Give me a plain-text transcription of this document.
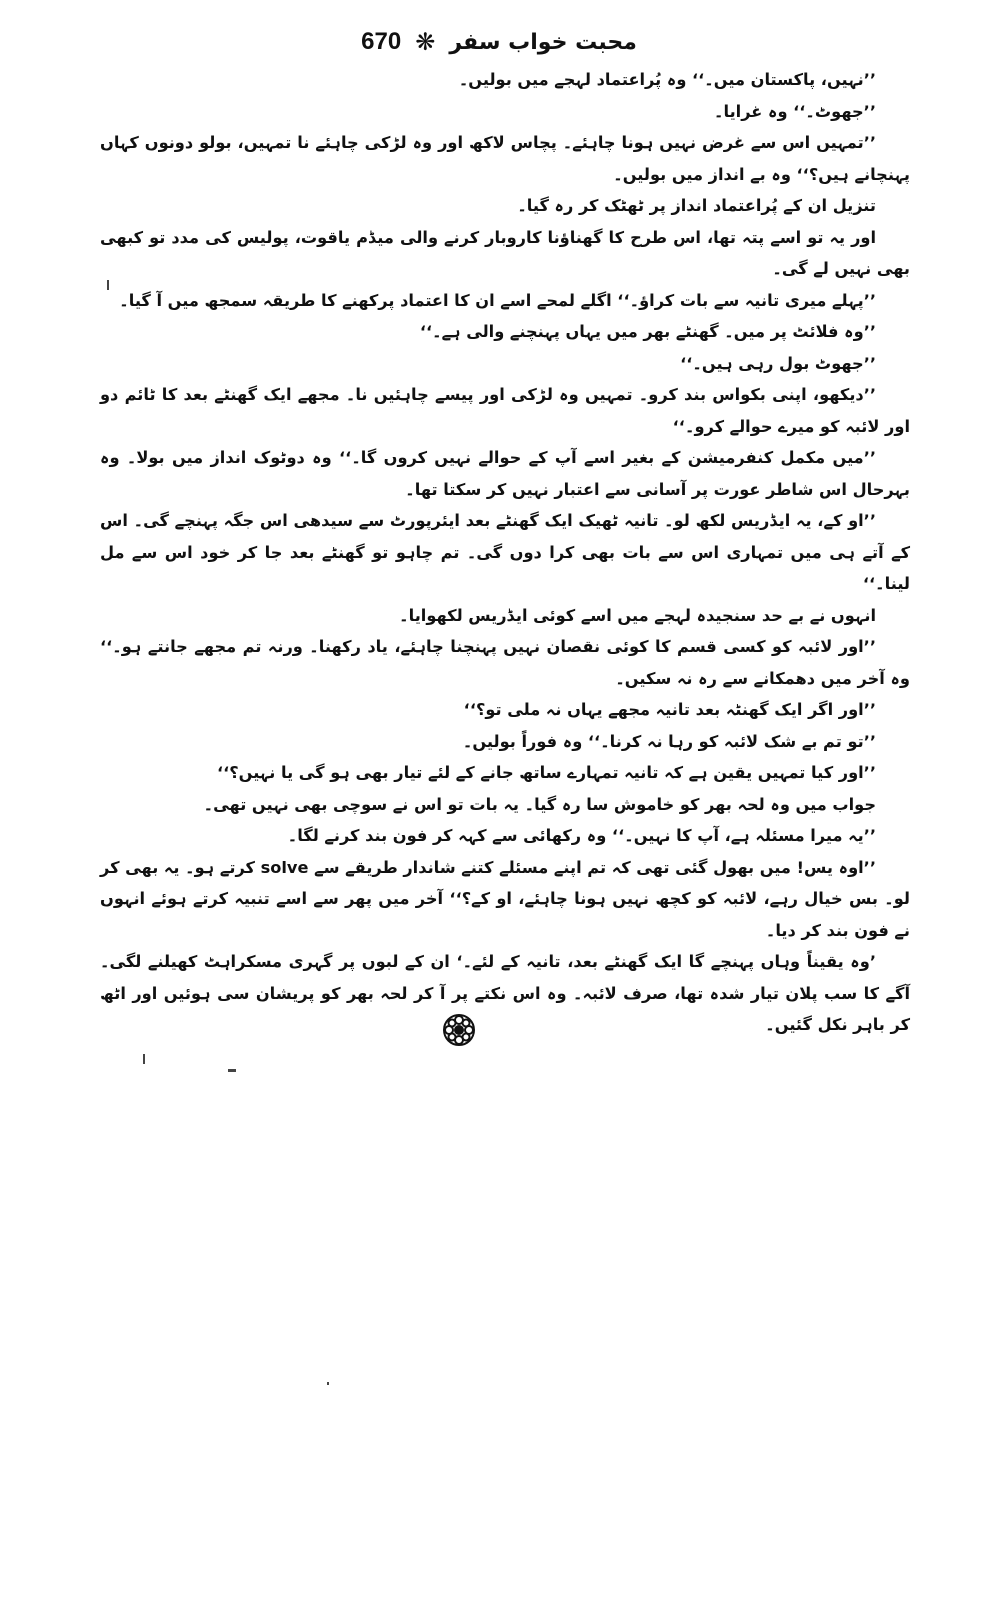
670 ❋ محبت خواب سفر

’’نہیں، پاکستان میں۔‘‘ وہ پُراعتماد لہجے میں بولیں۔

’’جھوٹ۔‘‘ وہ غرایا۔

’’تمہیں اس سے غرض نہیں ہونا چاہئے۔ پچاس لاکھ اور وہ لڑکی چاہئے نا تمہیں، بولو دونوں کہاں پہنچانے ہیں؟‘‘ وہ بے انداز میں بولیں۔

تنزیل ان کے پُراعتماد انداز پر ٹھٹک کر رہ گیا۔

اور یہ تو اسے پتہ تھا، اس طرح کا گھناؤنا کاروبار کرنے والی میڈم یاقوت، پولیس کی مدد تو کبھی بھی نہیں لے گی۔

’’پہلے میری تانیہ سے بات کراؤ۔‘‘ اگلے لمحے اسے ان کا اعتماد پرکھنے کا طریقہ سمجھ میں آ گیا۔

’’وہ فلائٹ پر میں۔ گھنٹے بھر میں یہاں پہنچنے والی ہے۔‘‘

’’جھوٹ بول رہی ہیں۔‘‘

’’دیکھو، اپنی بکواس بند کرو۔ تمہیں وہ لڑکی اور پیسے چاہئیں نا۔ مجھے ایک گھنٹے بعد کا ٹائم دو اور لائبہ کو میرے حوالے کرو۔‘‘

’’میں مکمل کنفرمیشن کے بغیر اسے آپ کے حوالے نہیں کروں گا۔‘‘ وہ دوٹوک انداز میں بولا۔ وہ بہرحال اس شاطر عورت پر آسانی سے اعتبار نہیں کر سکتا تھا۔

’’او کے، یہ ایڈریس لکھ لو۔ تانیہ ٹھیک ایک گھنٹے بعد ایئرپورٹ سے سیدھی اس جگہ پہنچے گی۔ اس کے آتے ہی میں تمہاری اس سے بات بھی کرا دوں گی۔ تم چاہو تو گھنٹے بعد جا کر خود اس سے مل لینا۔‘‘

انہوں نے بے حد سنجیدہ لہجے میں اسے کوئی ایڈریس لکھوایا۔

’’اور لائبہ کو کسی قسم کا کوئی نقصان نہیں پہنچنا چاہئے، یاد رکھنا۔ ورنہ تم مجھے جانتے ہو۔‘‘ وہ آخر میں دھمکانے سے رہ نہ سکیں۔

’’اور اگر ایک گھنٹہ بعد تانیہ مجھے یہاں نہ ملی تو؟‘‘

’’تو تم بے شک لائبہ کو رہا نہ کرنا۔‘‘ وہ فوراً بولیں۔

’’اور کیا تمہیں یقین ہے کہ تانیہ تمہارے ساتھ جانے کے لئے تیار بھی ہو گی یا نہیں؟‘‘

جواب میں وہ لحہ بھر کو خاموش سا رہ گیا۔ یہ بات تو اس نے سوچی بھی نہیں تھی۔

’’یہ میرا مسئلہ ہے، آپ کا نہیں۔‘‘ وہ رکھائی سے کہہ کر فون بند کرنے لگا۔

’’اوہ یس! میں بھول گئی تھی کہ تم اپنے مسئلے کتنے شاندار طریقے سے solve کرتے ہو۔ یہ بھی کر لو۔ بس خیال رہے، لائبہ کو کچھ نہیں ہونا چاہئے، او کے؟‘‘ آخر میں پھر سے اسے تنبیہ کرتے ہوئے انہوں نے فون بند کر دیا۔

’وہ یقیناً وہاں پہنچے گا ایک گھنٹے بعد، تانیہ کے لئے۔‘ ان کے لبوں پر گہری مسکراہٹ کھیلنے لگی۔ آگے کا سب پلان تیار شدہ تھا، صرف لائبہ۔ وہ اس نکتے پر آ کر لحہ بھر کو پریشان سی ہوئیں اور اٹھ کر باہر نکل گئیں۔
